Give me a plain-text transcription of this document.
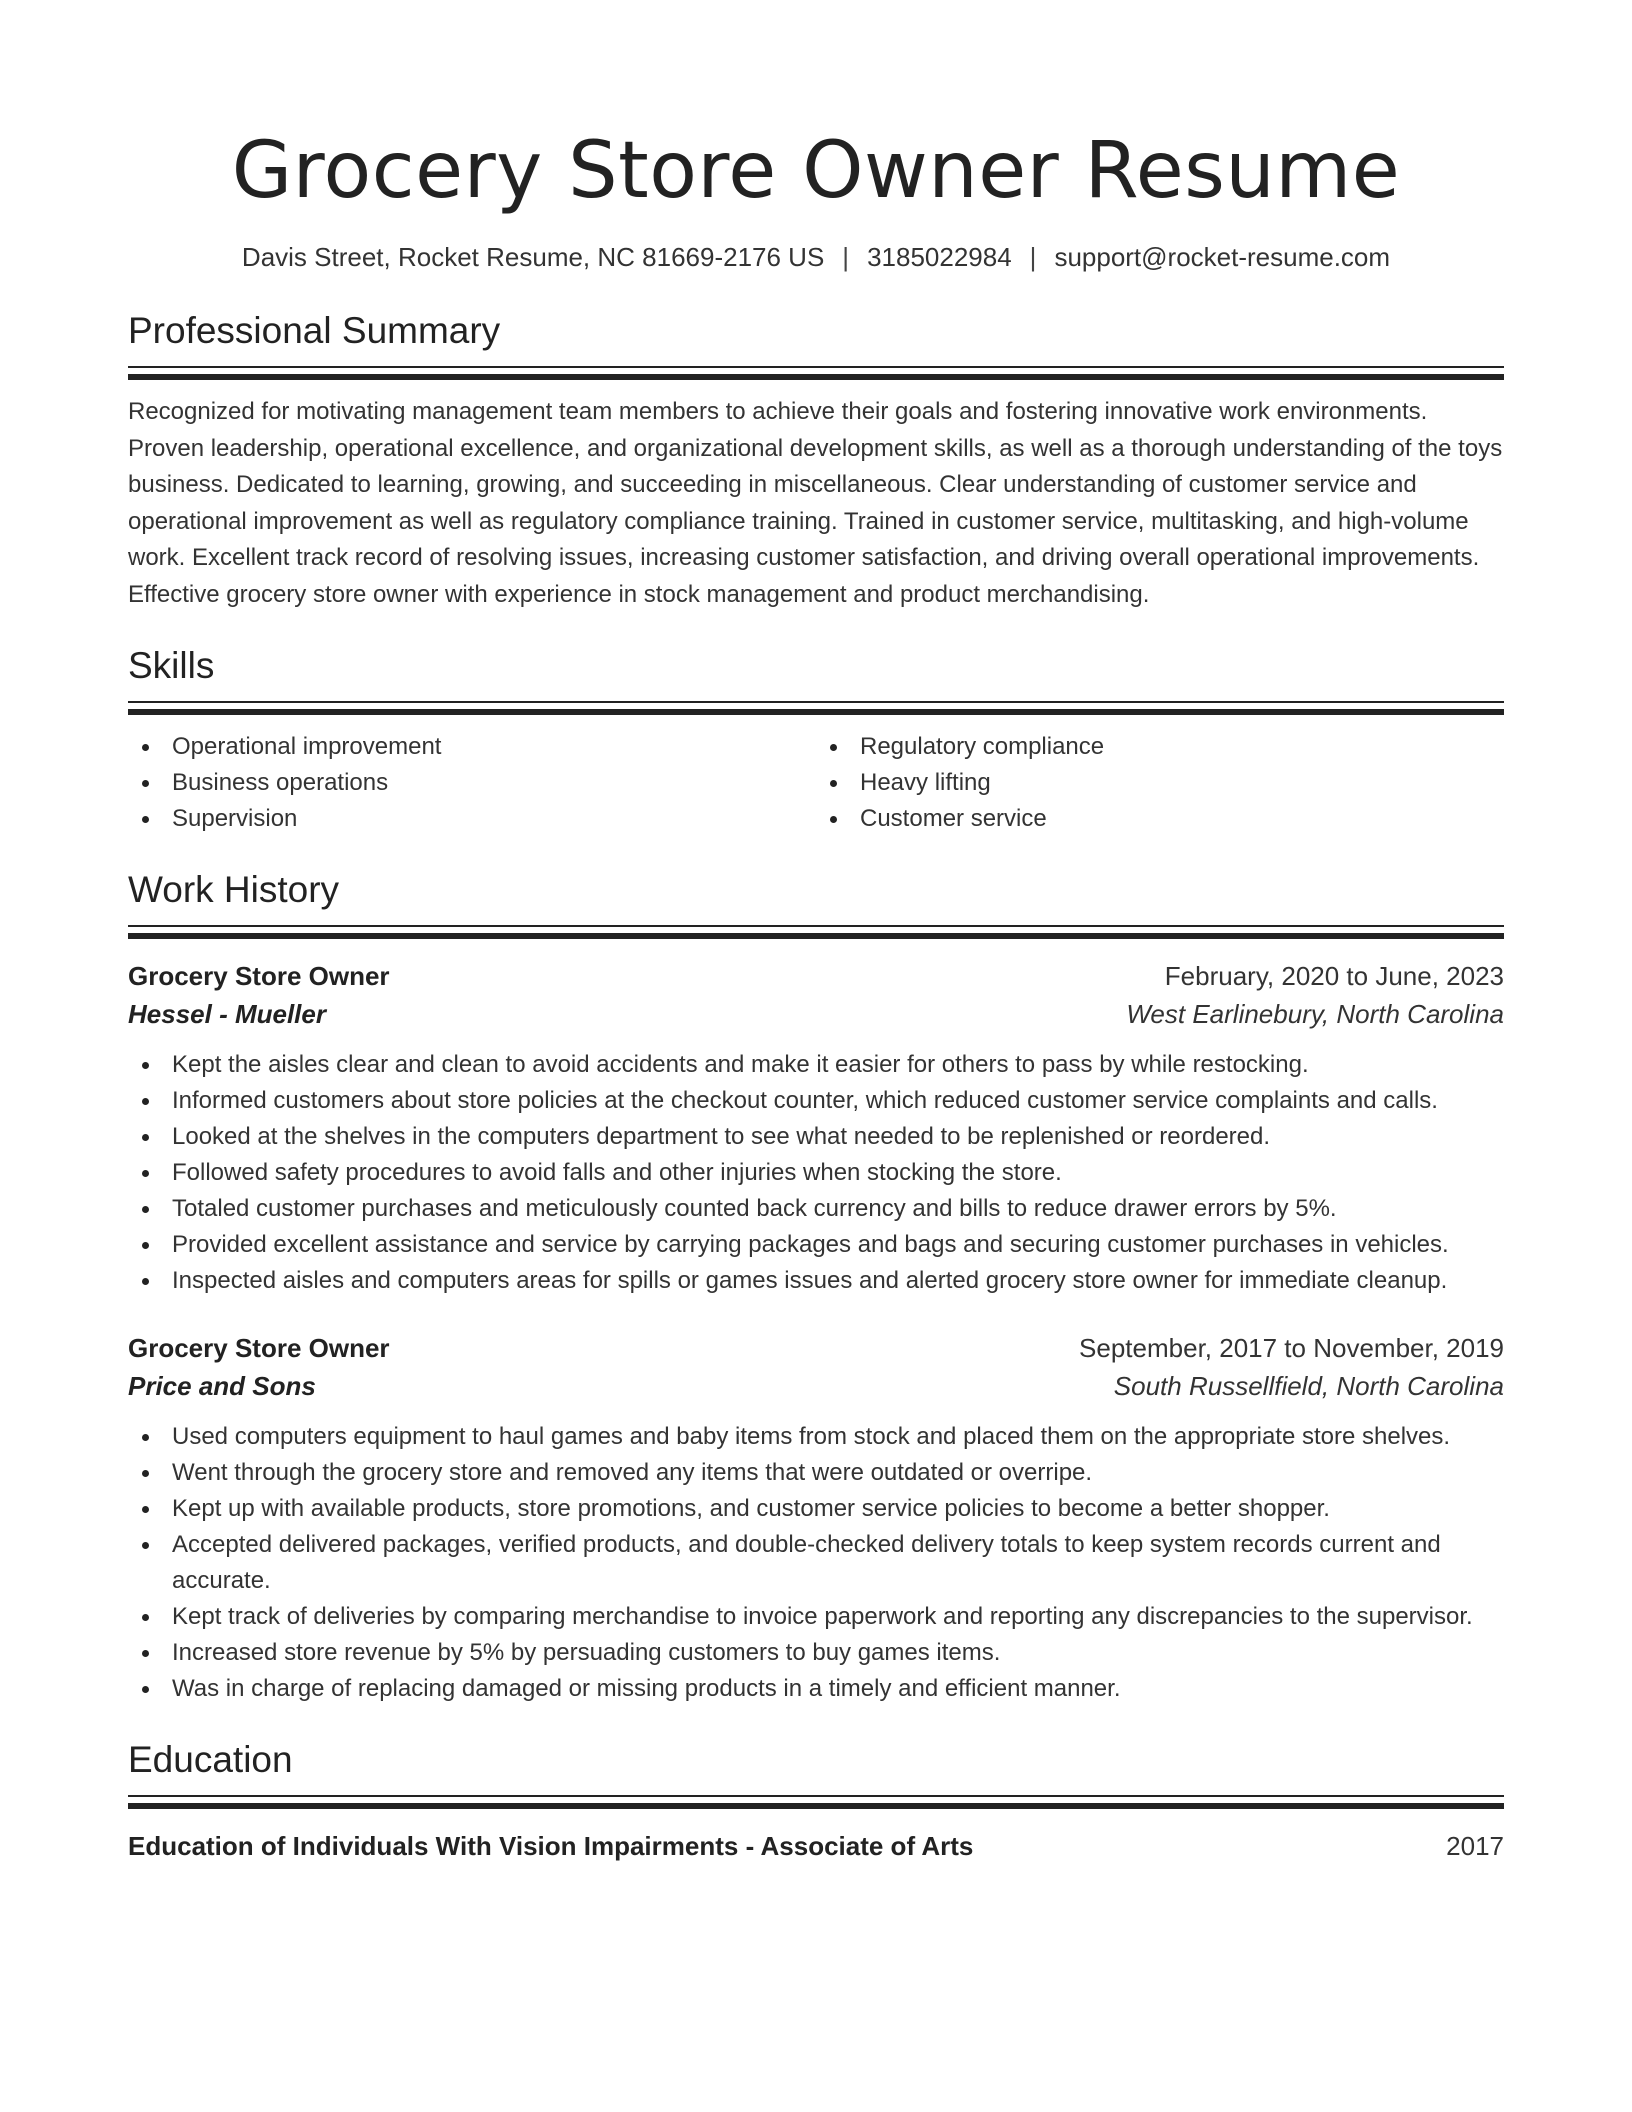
Grocery Store Owner Resume
Davis Street, Rocket Resume, NC 81669-2176 US | 3185022984 | support@rocket-resume.com
Professional Summary

Recognized for motivating management team members to achieve their goals and fostering innovative work environments. Proven leadership, operational excellence, and organizational development skills, as well as a thorough understanding of the toys business. Dedicated to learning, growing, and succeeding in miscellaneous. Clear understanding of customer service and operational improvement as well as regulatory compliance training. Trained in customer service, multitasking, and high-volume work. Excellent track record of resolving issues, increasing customer satisfaction, and driving overall operational improvements. Effective grocery store owner with experience in stock management and product merchandising.

Skills
Operational improvement
Business operations
Supervision
Regulatory compliance
Heavy lifting
Customer service
Work History
Grocery Store Owner	February, 2020 to June, 2023
Hessel - Mueller	West Earlinebury, North Carolina
Kept the aisles clear and clean to avoid accidents and make it easier for others to pass by while restocking.
Informed customers about store policies at the checkout counter, which reduced customer service complaints and calls.
Looked at the shelves in the computers department to see what needed to be replenished or reordered.
Followed safety procedures to avoid falls and other injuries when stocking the store.
Totaled customer purchases and meticulously counted back currency and bills to reduce drawer errors by 5%.
Provided excellent assistance and service by carrying packages and bags and securing customer purchases in vehicles.
Inspected aisles and computers areas for spills or games issues and alerted grocery store owner for immediate cleanup.
Grocery Store Owner	September, 2017 to November, 2019
Price and Sons	South Russellfield, North Carolina
Used computers equipment to haul games and baby items from stock and placed them on the appropriate store shelves.
Went through the grocery store and removed any items that were outdated or overripe.
Kept up with available products, store promotions, and customer service policies to become a better shopper.
Accepted delivered packages, verified products, and double-checked delivery totals to keep system records current and accurate.
Kept track of deliveries by comparing merchandise to invoice paperwork and reporting any discrepancies to the supervisor.
Increased store revenue by 5% by persuading customers to buy games items.
Was in charge of replacing damaged or missing products in a timely and efficient manner.
Education
Education of Individuals With Vision Impairments - Associate of Arts	2017
